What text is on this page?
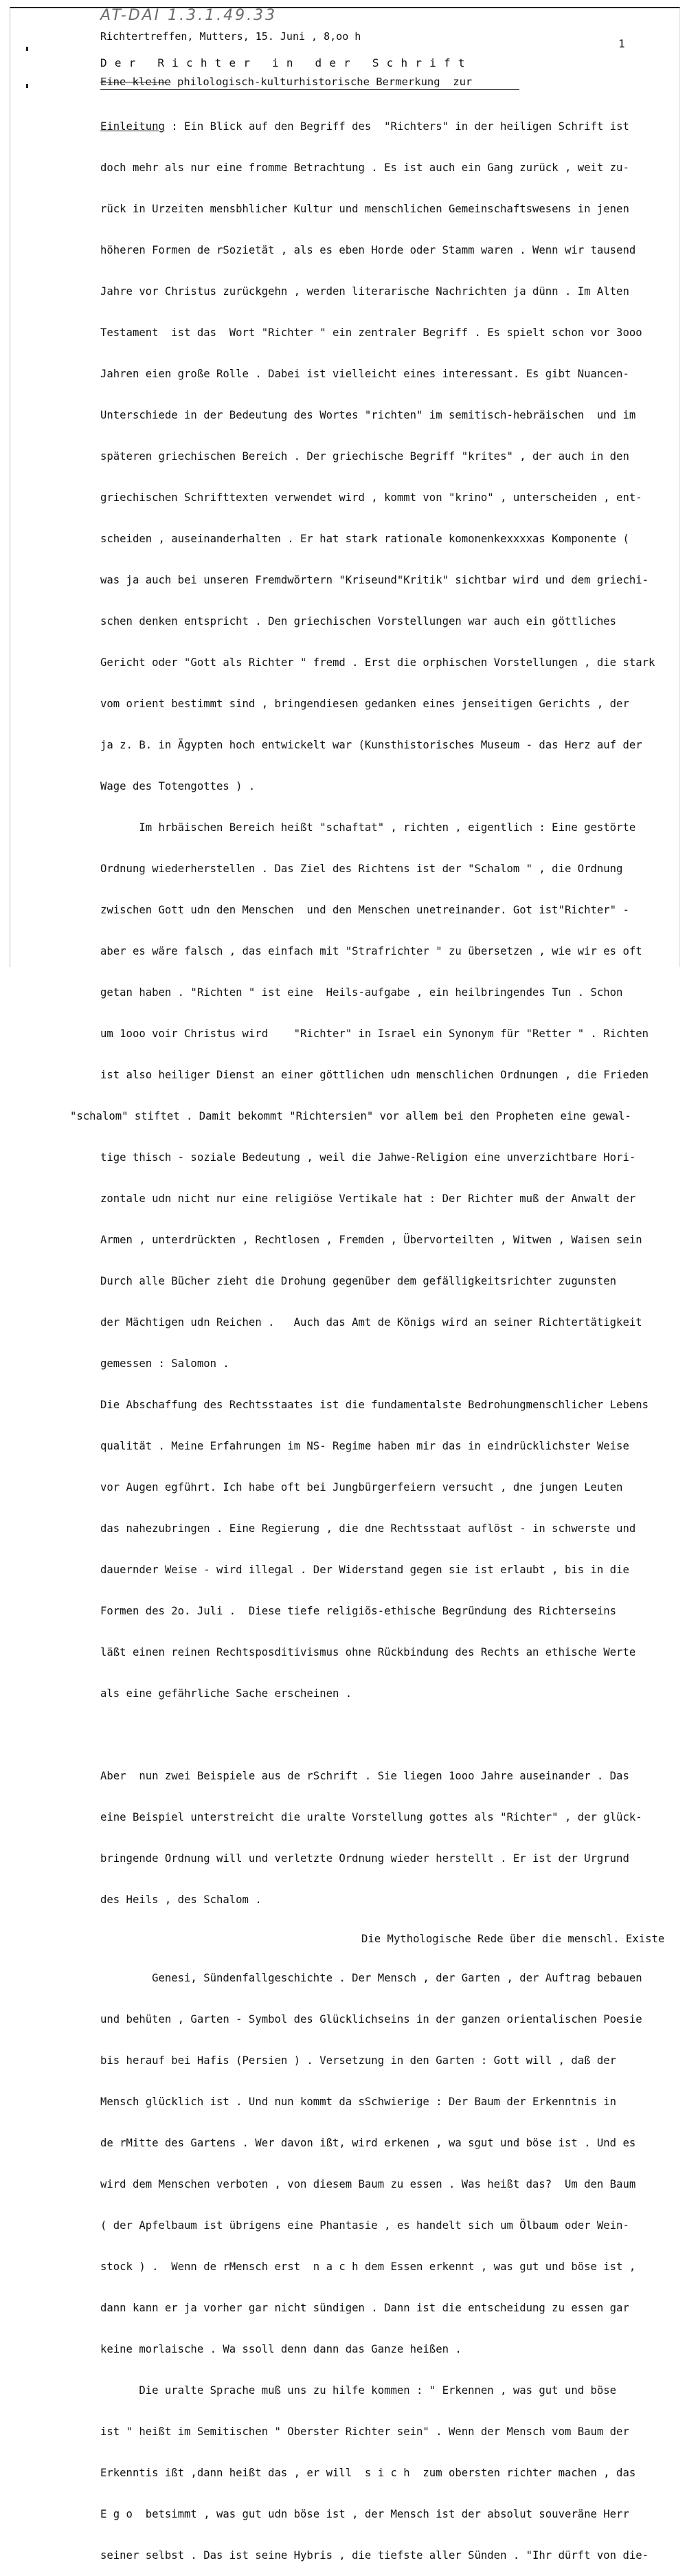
AT-DAI 1.3.1.49.33
Richtertreffen, Mutters, 15. Juni , 8,oo h
1
Der Richter in der Schrift
Eine kleine philologisch-kulturhistorische Bermerkung  zur

Einleitung : Ein Blick auf den Begriff des  "Richters" in der heiligen Schrift ist

doch mehr als nur eine fromme Betrachtung . Es ist auch ein Gang zurück , weit zu-

rück in Urzeiten mensbhlicher Kultur und menschlichen Gemeinschaftswesens in jenen

höheren Formen de rSozietät , als es eben Horde oder Stamm waren . Wenn wir tausend

Jahre vor Christus zurückgehn , werden literarische Nachrichten ja dünn . Im Alten

Testament  ist das  Wort "Richter " ein zentraler Begriff . Es spielt schon vor 3ooo

Jahren eien große Rolle . Dabei ist vielleicht eines interessant. Es gibt Nuancen-

Unterschiede in der Bedeutung des Wortes "richten" im semitisch-hebräischen  und im

späteren griechischen Bereich . Der griechische Begriff "krites" , der auch in den

griechischen Schrifttexten verwendet wird , kommt von "krino" , unterscheiden , ent-

scheiden , auseinanderhalten . Er hat stark rationale komonenkexxxxas Komponente (

was ja auch bei unseren Fremdwörtern "Kriseund"Kritik" sichtbar wird und dem griechi-

schen denken entspricht . Den griechischen Vorstellungen war auch ein göttliches

Gericht oder "Gott als Richter " fremd . Erst die orphischen Vorstellungen , die stark

vom orient bestimmt sind , bringendiesen gedanken eines jenseitigen Gerichts , der

ja z. B. in Ägypten hoch entwickelt war (Kunsthistorisches Museum - das Herz auf der

Wage des Totengottes ) .

Im hrbäischen Bereich heißt "schaftat" , richten , eigentlich : Eine gestörte

Ordnung wiederherstellen . Das Ziel des Richtens ist der "Schalom " , die Ordnung

zwischen Gott udn den Menschen  und den Menschen unetreinander. Got ist"Richter" -

aber es wäre falsch , das einfach mit "Strafrichter " zu übersetzen , wie wir es oft

getan haben . "Richten " ist eine  Heils-aufgabe , ein heilbringendes Tun . Schon

um 1ooo voir Christus wird    "Richter" in Israel ein Synonym für "Retter " . Richten

ist also heiliger Dienst an einer göttlichen udn menschlichen Ordnungen , die Frieden

"schalom" stiftet . Damit bekommt "Richtersien" vor allem bei den Propheten eine gewal-

tige thisch - soziale Bedeutung , weil die Jahwe-Religion eine unverzichtbare Hori-

zontale udn nicht nur eine religiöse Vertikale hat : Der Richter muß der Anwalt der

Armen , unterdrückten , Rechtlosen , Fremden , Übervorteilten , Witwen , Waisen sein

Durch alle Bücher zieht die Drohung gegenüber dem gefälligkeitsrichter zugunsten

der Mächtigen udn Reichen .   Auch das Amt de Königs wird an seiner Richtertätigkeit

gemessen : Salomon .

Die Abschaffung des Rechtsstaates ist die fundamentalste Bedrohungmenschlicher Lebens

qualität . Meine Erfahrungen im NS- Regime haben mir das in eindrücklichster Weise

vor Augen egführt. Ich habe oft bei Jungbürgerfeiern versucht , dne jungen Leuten

das nahezubringen . Eine Regierung , die dne Rechtsstaat auflöst - in schwerste und

dauernder Weise - wird illegal . Der Widerstand gegen sie ist erlaubt , bis in die

Formen des 2o. Juli .  Diese tiefe religiös-ethische Begründung des Richterseins

läßt einen reinen Rechtsposditivismus ohne Rückbindung des Rechts an ethische Werte

als eine gefährliche Sache erscheinen .

Aber  nun zwei Beispiele aus de rSchrift . Sie liegen 1ooo Jahre auseinander . Das

eine Beispiel unterstreicht die uralte Vorstellung gottes als "Richter" , der glück-

bringende Ordnung will und verletzte Ordnung wieder herstellt . Er ist der Urgrund

des Heils , des Schalom .

Die Mythologische Rede über die menschl. Existe

Genesi, Sündenfallgeschichte . Der Mensch , der Garten , der Auftrag bebauen

und behüten , Garten - Symbol des Glücklichseins in der ganzen orientalischen Poesie

bis herauf bei Hafis (Persien ) . Versetzung in den Garten : Gott will , daß der

Mensch glücklich ist . Und nun kommt da sSchwierige : Der Baum der Erkenntnis in

de rMitte des Gartens . Wer davon ißt, wird erkenen , wa sgut und böse ist . Und es

wird dem Menschen verboten , von diesem Baum zu essen . Was heißt das?  Um den Baum

( der Apfelbaum ist übrigens eine Phantasie , es handelt sich um Ölbaum oder Wein-

stock ) .  Wenn de rMensch erst  n a c h dem Essen erkennt , was gut und böse ist ,

dann kann er ja vorher gar nicht sündigen . Dann ist die entscheidung zu essen gar

keine morlaische . Wa ssoll denn dann das Ganze heißen .

Die uralte Sprache muß uns zu hilfe kommen : " Erkennen , was gut und böse

ist " heißt im Semitischen " Oberster Richter sein" . Wenn der Mensch vom Baum der

Erkenntis ißt ,dann heißt das , er will  s i c h  zum obersten richter machen , das

E g o  betsimmt , was gut udn böse ist , der Mensch ist der absolut souveräne Herr

seiner selbst . Das ist seine Hybris , die tiefste aller Sünden . "Ihr dürft von die-
